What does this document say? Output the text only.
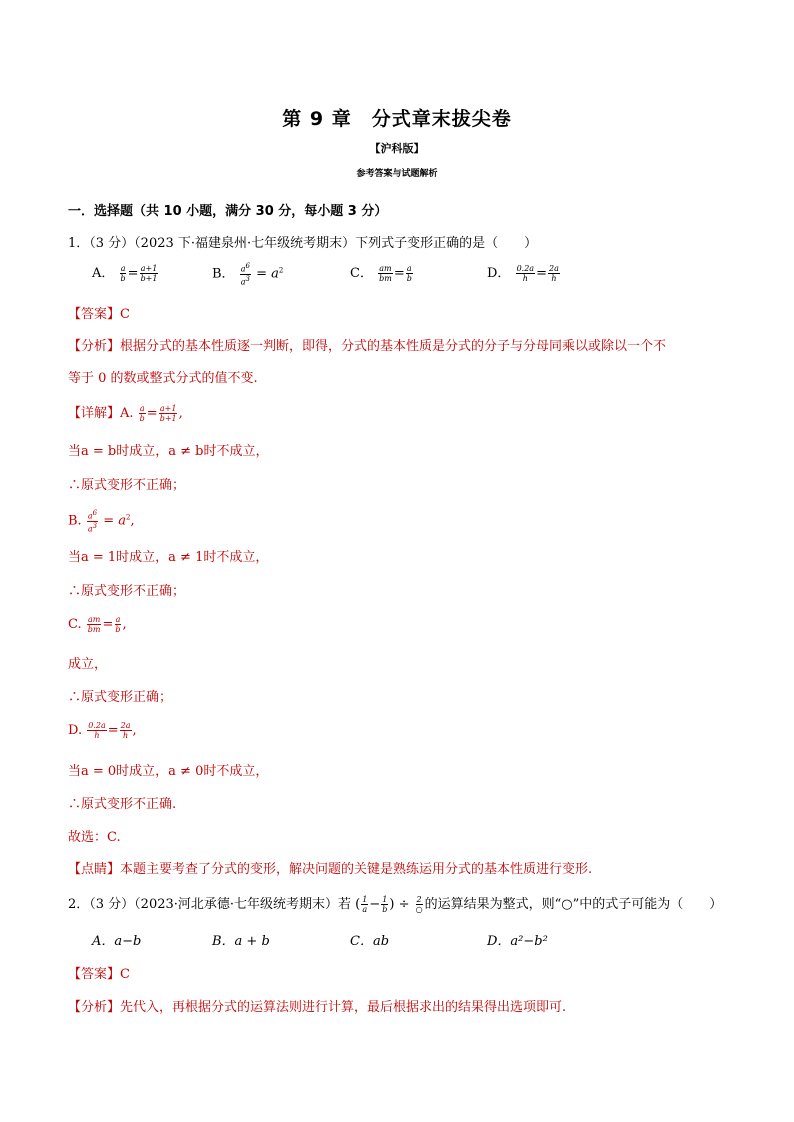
第 9 章　分式章末拔尖卷
【沪科版】
参考答案与试题解析
一．选择题（共 10 小题，满分 30 分，每小题 3 分）
1．（3 分）（2023 下·福建泉州·七年级统考期末）下列式子变形正确的是（　　）
A． $\frac{a}{b} = \frac{a+1}{b+1}$	B． $\frac{a^6}{a^3} = a^2$	C． $\frac{am}{bm} = \frac{a}{b}$	D． $\frac{0.2a}{h} = \frac{2a}{h}$
【答案】C
【分析】根据分式的基本性质逐一判断，即得，分式的基本性质是分式的分子与分母同乘以或除以一个不
等于 0 的数或整式分式的值不变.
【详解】A. $\frac{a}{b} = \frac{a+1}{b+1}$ ,
当a = b时成立，a ≠ b时不成立，
∴原式变形不正确；
B. $\frac{a^6}{a^3} = a^2$,
当a = 1时成立，a ≠ 1时不成立，
∴原式变形不正确；
C. $\frac{am}{bm} = \frac{a}{b}$ ,
成立，
∴原式变形正确；
D. $\frac{0.2a}{h} = \frac{2a}{h}$ ,
当a = 0时成立，a ≠ 0时不成立，
∴原式变形不正确.
故选：C.
【点睛】本题主要考查了分式的变形，解决问题的关键是熟练运用分式的基本性质进行变形.
2．（3 分）（2023·河北承德·七年级统考期末）若 ( $\frac{1}{a} - \frac{1}{b}$ ) ÷ $\frac{2}{○}$ 的运算结果为整式，则“○”中的式子可能为（　　）
A．a−b	B．a + b	C．ab	D．a²−b²
【答案】C
【分析】先代入，再根据分式的运算法则进行计算，最后根据求出的结果得出选项即可.
